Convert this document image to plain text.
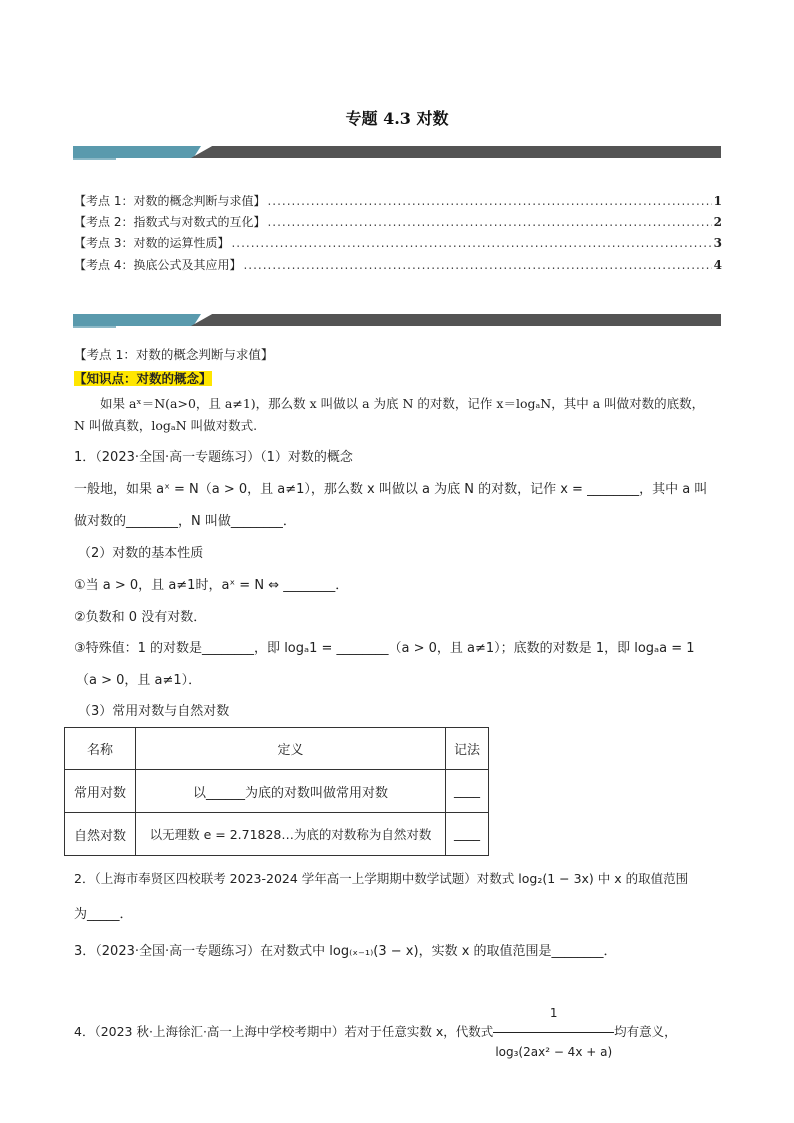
专题 4.3 对数
【考点 1：对数的概念判断与求值】 .....	1
【考点 2：指数式与对数式的互化】 .....	2
【考点 3：对数的运算性质】 .....	3
【考点 4：换底公式及其应用】 .....	4
【考点 1：对数的概念判断与求值】
【知识点：对数的概念】
如果 aˣ＝N(a>0，且 a≠1)，那么数 x 叫做以 a 为底 N 的对数，记作 x＝logₐN，其中 a 叫做对数的底数，
N 叫做真数，logₐN 叫做对数式.
1．（2023·全国·高一专题练习）（1）对数的概念
一般地，如果 aˣ = N（a > 0，且 a≠1），那么数 x 叫做以 a 为底 N 的对数，记作 x = ________，其中 a 叫
做对数的________，N 叫做________．
（2）对数的基本性质
①当 a > 0，且 a≠1时，aˣ = N ⇔ ________．
②负数和 0 没有对数．
③特殊值：1 的对数是________，即 logₐ1 = ________（a > 0，且 a≠1）；底数的对数是 1，即 logₐa = 1
（a > 0，且 a≠1）．
（3）常用对数与自然对数
名称	定义	记法
常用对数	以______为底的对数叫做常用对数	____
自然对数	以无理数 e = 2.71828…为底的对数称为自然对数	____
2．（上海市奉贤区四校联考 2023-2024 学年高一上学期期中数学试题）对数式 log₂(1 − 3x) 中 x 的取值范围
为_____．
3．（2023·全国·高一专题练习）在对数式中 log₍ₓ₋₁₎(3 − x)，实数 x 的取值范围是________．
4．（2023 秋·上海徐汇·高一上海中学校考期中）若对于任意实数 x，代数式 $\frac{1}{\text{log₃(2ax² − 4x + a)}}$ 均有意义，
